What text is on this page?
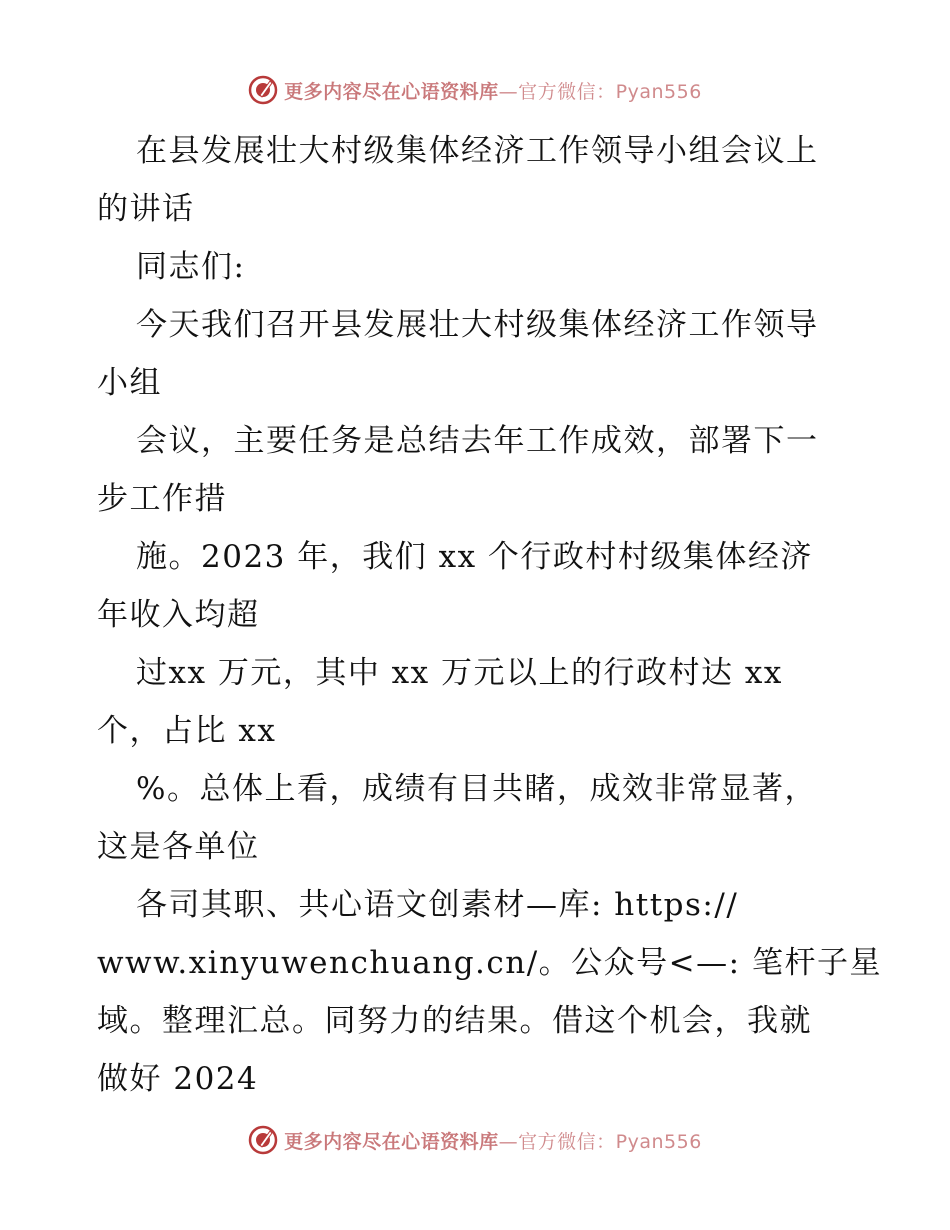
更多内容尽在心语资料库—官方微信：Pyan556
在县发展壮大村级集体经济工作领导小组会议上
的讲话
同志们:
今天我们召开县发展壮大村级集体经济工作领导
小组
会议，主要任务是总结去年工作成效，部署下一
步工作措
施。2023 年，我们 xx 个行政村村级集体经济
年收入均超
过xx 万元，其中 xx 万元以上的行政村达 xx
个，占比 xx
%。总体上看，成绩有目共睹，成效非常显著，
这是各单位
各司其职、共心语文创素材—库: https://
www.xinyuwenchuang.cn/。公众号<—: 笔杆子星
域。整理汇总。同努力的结果。借这个机会，我就
做好 2024
更多内容尽在心语资料库—官方微信：Pyan556
